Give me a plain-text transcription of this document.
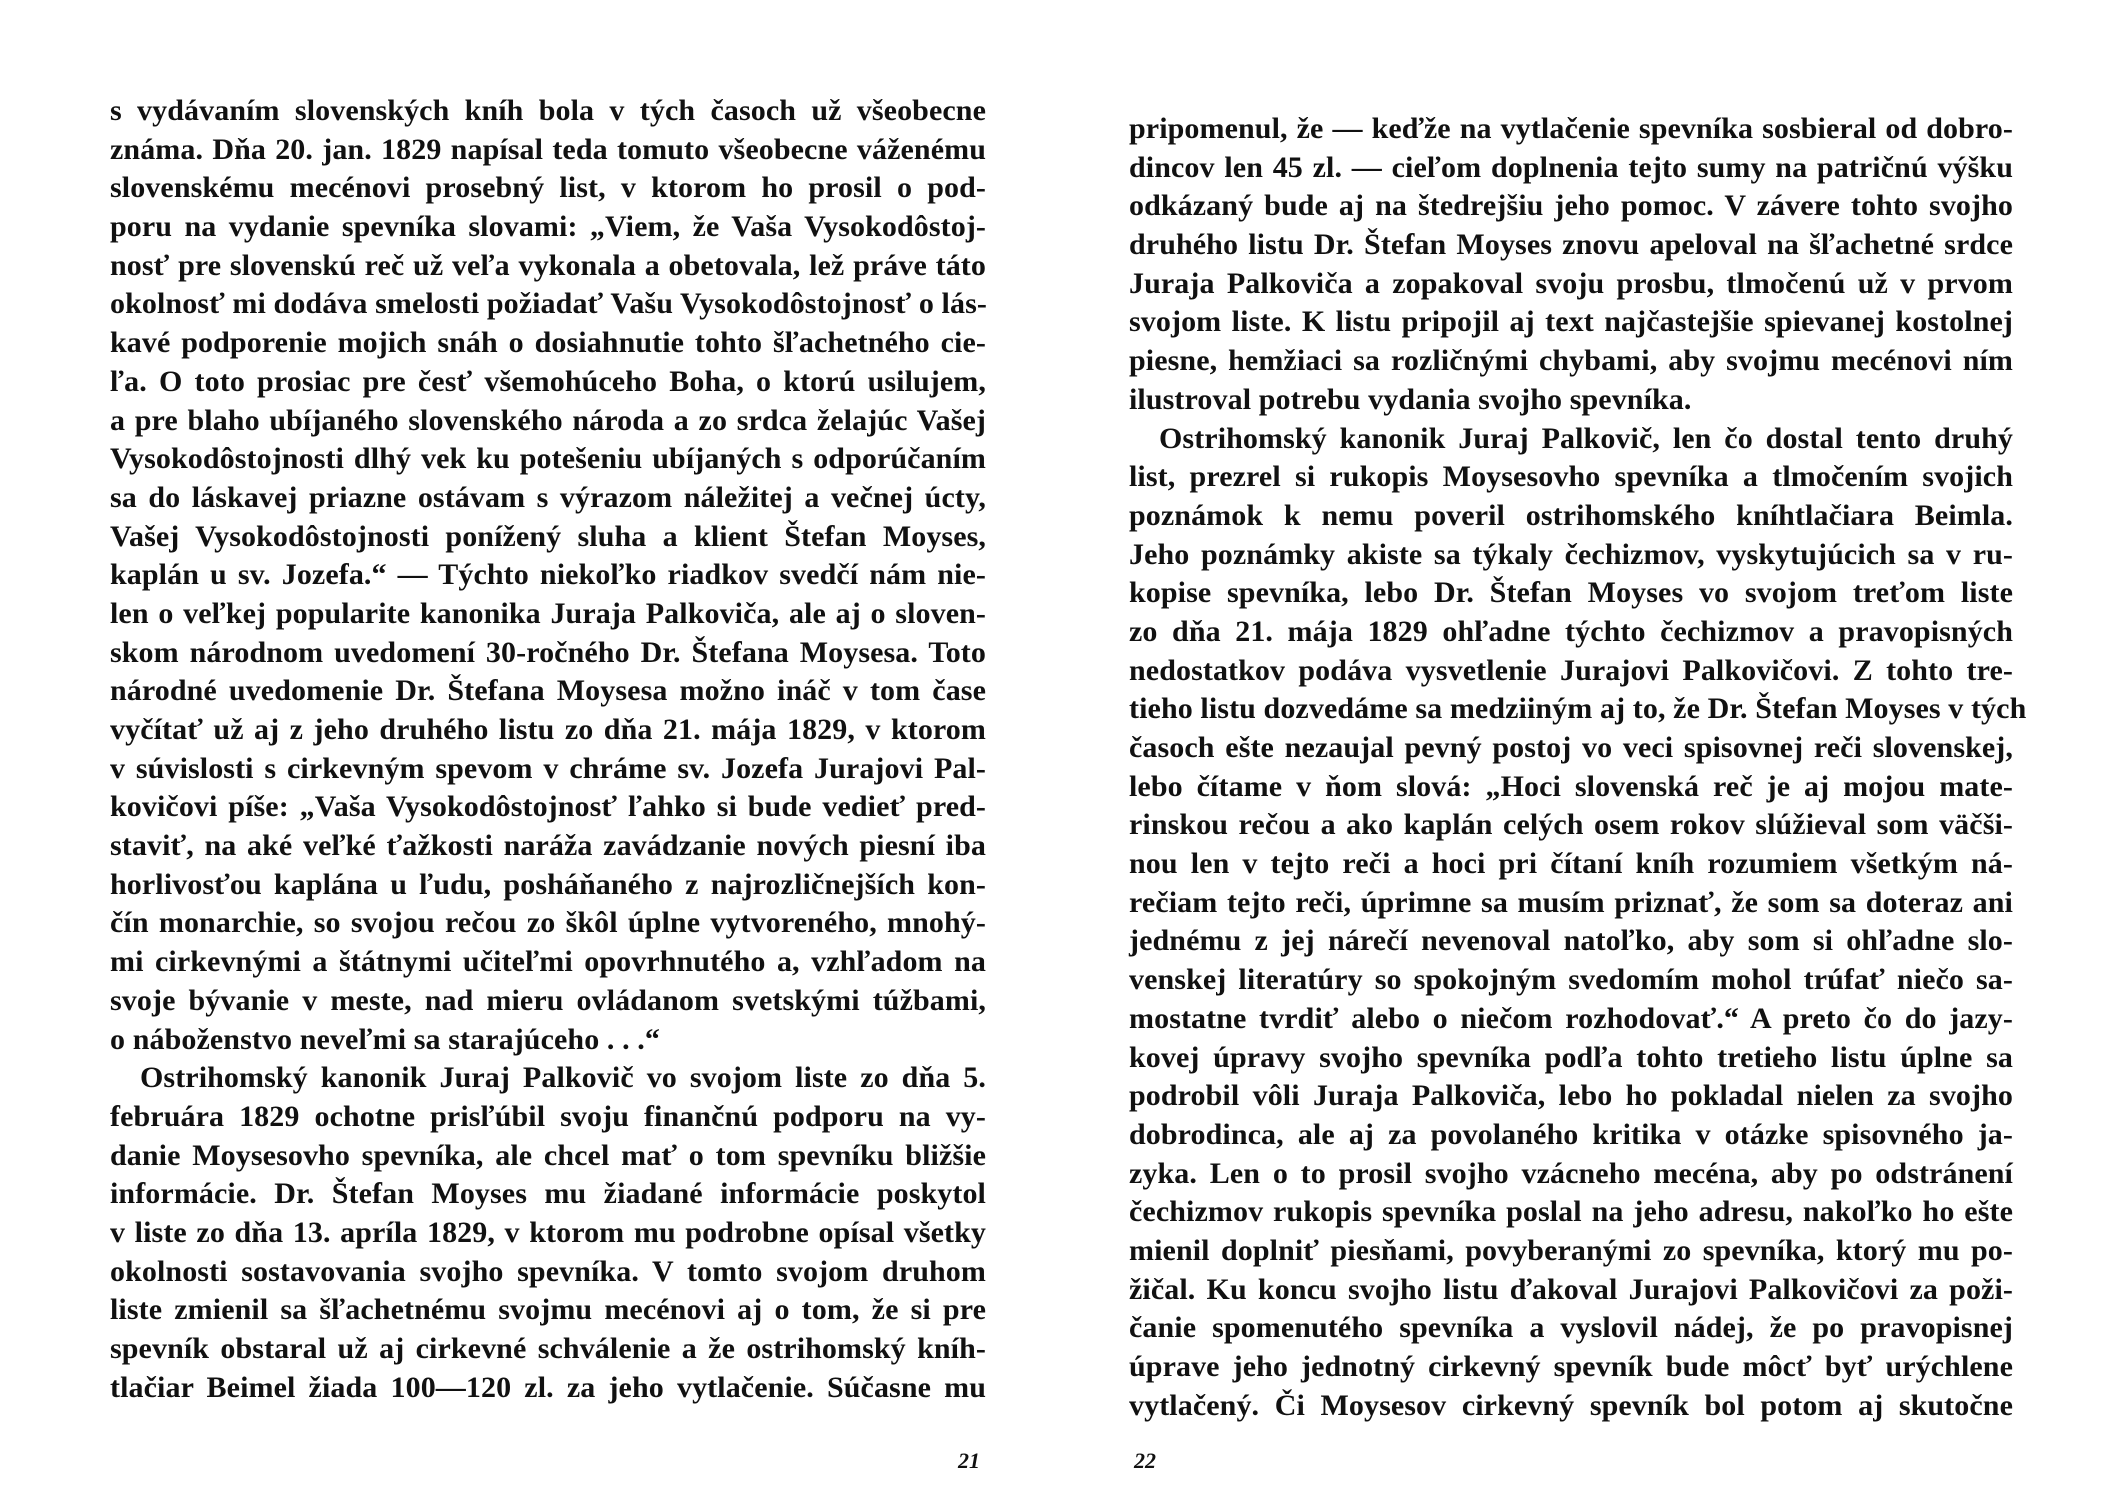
s vydávaním slovenských kníh bola v tých časoch už všeobecne
známa. Dňa 20. jan. 1829 napísal teda tomuto všeobecne váženému
slovenskému mecénovi prosebný list, v ktorom ho prosil o pod-
poru na vydanie spevníka slovami: „Viem, že Vaša Vysokodôstoj-
nosť pre slovenskú reč už veľa vykonala a obetovala, lež práve táto
okolnosť mi dodáva smelosti požiadať Vašu Vysokodôstojnosť o lás-
kavé podporenie mojich snáh o dosiahnutie tohto šľachetného cie-
ľa. O toto prosiac pre česť všemohúceho Boha, o ktorú usilujem,
a pre blaho ubíjaného slovenského národa a zo srdca želajúc Vašej
Vysokodôstojnosti dlhý vek ku potešeniu ubíjaných s odporúčaním
sa do láskavej priazne ostávam s výrazom náležitej a večnej úcty,
Vašej Vysokodôstojnosti ponížený sluha a klient Štefan Moyses,
kaplán u sv. Jozefa.“ — Týchto niekoľko riadkov svedčí nám nie-
len o veľkej popularite kanonika Juraja Palkoviča, ale aj o sloven-
skom národnom uvedomení 30-ročného Dr. Štefana Moysesa. Toto
národné uvedomenie Dr. Štefana Moysesa možno ináč v tom čase
vyčítať už aj z jeho druhého listu zo dňa 21. mája 1829, v ktorom
v súvislosti s cirkevným spevom v chráme sv. Jozefa Jurajovi Pal-
kovičovi píše: „Vaša Vysokodôstojnosť ľahko si bude vedieť pred-
staviť, na aké veľké ťažkosti naráža zavádzanie nových piesní iba
horlivosťou kaplána u ľudu, posháňaného z najrozličnejších kon-
čín monarchie, so svojou rečou zo škôl úplne vytvoreného, mnohý-
mi cirkevnými a štátnymi učiteľmi opovrhnutého a, vzhľadom na
svoje bývanie v meste, nad mieru ovládanom svetskými túžbami,
o náboženstvo neveľmi sa starajúceho . . .“
Ostrihomský kanonik Juraj Palkovič vo svojom liste zo dňa 5.
februára 1829 ochotne prisľúbil svoju finančnú podporu na vy-
danie Moysesovho spevníka, ale chcel mať o tom spevníku bližšie
informácie. Dr. Štefan Moyses mu žiadané informácie poskytol
v liste zo dňa 13. apríla 1829, v ktorom mu podrobne opísal všetky
okolnosti sostavovania svojho spevníka. V tomto svojom druhom
liste zmienil sa šľachetnému svojmu mecénovi aj o tom, že si pre
spevník obstaral už aj cirkevné schválenie a že ostrihomský kníh-
tlačiar Beimel žiada 100—120 zl. za jeho vytlačenie. Súčasne mu
21
pripomenul, že — keďže na vytlačenie spevníka sosbieral od dobro-
dincov len 45 zl. — cieľom doplnenia tejto sumy na patričnú výšku
odkázaný bude aj na štedrejšiu jeho pomoc. V závere tohto svojho
druhého listu Dr. Štefan Moyses znovu apeloval na šľachetné srdce
Juraja Palkoviča a zopakoval svoju prosbu, tlmočenú už v prvom
svojom liste. K listu pripojil aj text najčastejšie spievanej kostolnej
piesne, hemžiaci sa rozličnými chybami, aby svojmu mecénovi ním
ilustroval potrebu vydania svojho spevníka.
Ostrihomský kanonik Juraj Palkovič, len čo dostal tento druhý
list, prezrel si rukopis Moysesovho spevníka a tlmočením svojich
poznámok k nemu poveril ostrihomského kníhtlačiara Beimla.
Jeho poznámky akiste sa týkaly čechizmov, vyskytujúcich sa v ru-
kopise spevníka, lebo Dr. Štefan Moyses vo svojom treťom liste
zo dňa 21. mája 1829 ohľadne týchto čechizmov a pravopisných
nedostatkov podáva vysvetlenie Jurajovi Palkovičovi. Z tohto tre-
tieho listu dozvedáme sa medziiným aj to, že Dr. Štefan Moyses v tých
časoch ešte nezaujal pevný postoj vo veci spisovnej reči slovenskej,
lebo čítame v ňom slová: „Hoci slovenská reč je aj mojou mate-
rinskou rečou a ako kaplán celých osem rokov slúžieval som väčši-
nou len v tejto reči a hoci pri čítaní kníh rozumiem všetkým ná-
rečiam tejto reči, úprimne sa musím priznať, že som sa doteraz ani
jednému z jej nárečí nevenoval natoľko, aby som si ohľadne slo-
venskej literatúry so spokojným svedomím mohol trúfať niečo sa-
mostatne tvrdiť alebo o niečom rozhodovať.“ A preto čo do jazy-
kovej úpravy svojho spevníka podľa tohto tretieho listu úplne sa
podrobil vôli Juraja Palkoviča, lebo ho pokladal nielen za svojho
dobrodinca, ale aj za povolaného kritika v otázke spisovného ja-
zyka. Len o to prosil svojho vzácneho mecéna, aby po odstránení
čechizmov rukopis spevníka poslal na jeho adresu, nakoľko ho ešte
mienil doplniť piesňami, povyberanými zo spevníka, ktorý mu po-
žičal. Ku koncu svojho listu ďakoval Jurajovi Palkovičovi za poži-
čanie spomenutého spevníka a vyslovil nádej, že po pravopisnej
úprave jeho jednotný cirkevný spevník bude môcť byť urýchlene
vytlačený. Či Moysesov cirkevný spevník bol potom aj skutočne
22
